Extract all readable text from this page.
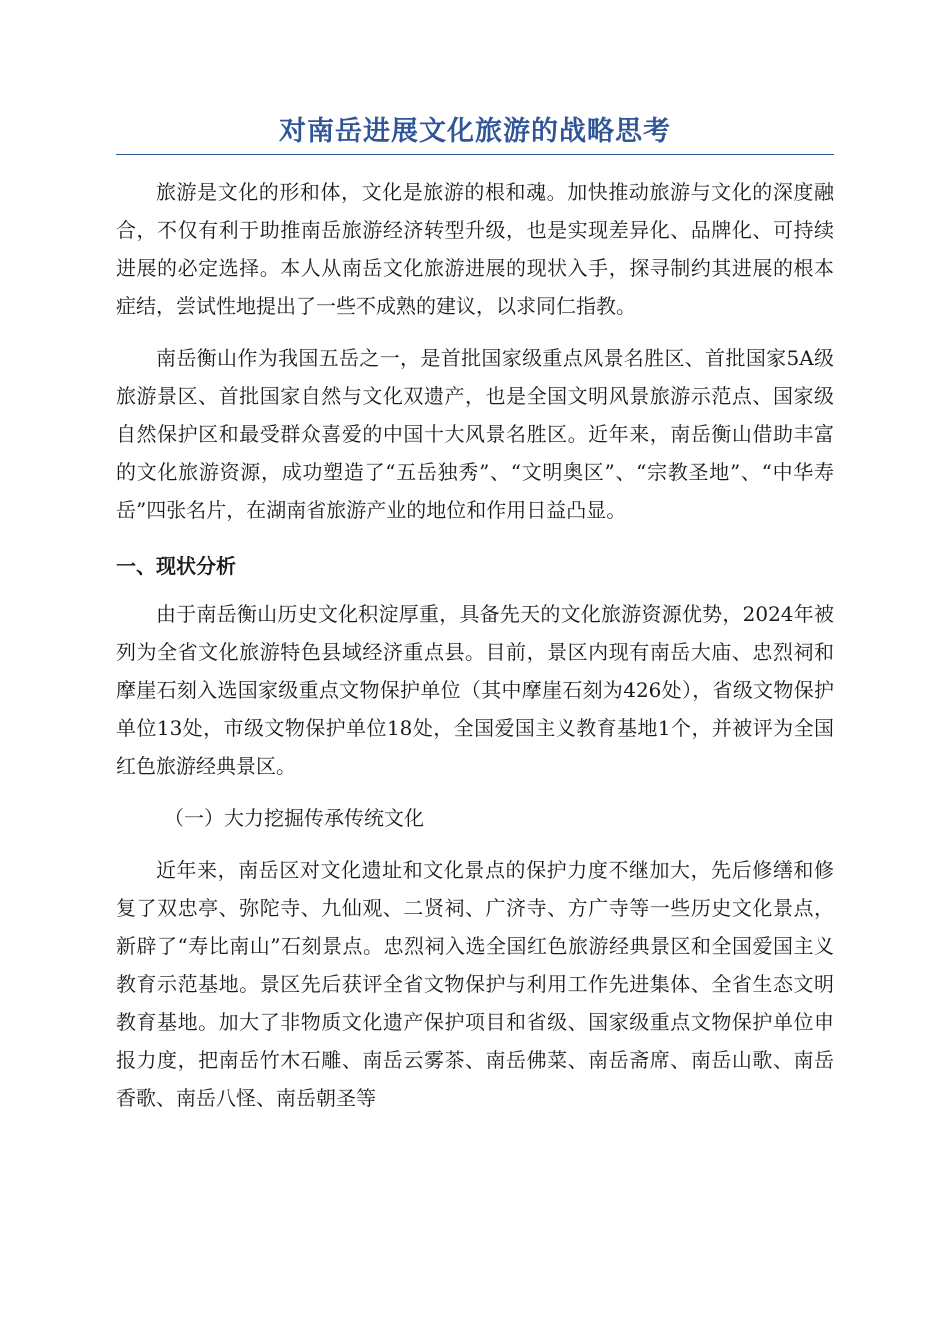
对南岳进展文化旅游的战略思考

旅游是文化的形和体，文化是旅游的根和魂。加快推动旅游与文化的深度融合，不仅有利于助推南岳旅游经济转型升级，也是实现差异化、品牌化、可持续进展的必定选择。本人从南岳文化旅游进展的现状入手，探寻制约其进展的根本症结，尝试性地提出了一些不成熟的建议，以求同仁指教。

南岳衡山作为我国五岳之一，是首批国家级重点风景名胜区、首批国家5A级旅游景区、首批国家自然与文化双遗产，也是全国文明风景旅游示范点、国家级自然保护区和最受群众喜爱的中国十大风景名胜区。近年来，南岳衡山借助丰富的文化旅游资源，成功塑造了“五岳独秀”、“文明奥区”、“宗教圣地”、“中华寿岳”四张名片，在湖南省旅游产业的地位和作用日益凸显。

一、现状分析

由于南岳衡山历史文化积淀厚重，具备先天的文化旅游资源优势，2024年被列为全省文化旅游特色县域经济重点县。目前，景区内现有南岳大庙、忠烈祠和摩崖石刻入选国家级重点文物保护单位（其中摩崖石刻为426处），省级文物保护单位13处，市级文物保护单位18处，全国爱国主义教育基地1个，并被评为全国红色旅游经典景区。

（一）大力挖掘传承传统文化

近年来，南岳区对文化遗址和文化景点的保护力度不继加大，先后修缮和修复了双忠亭、弥陀寺、九仙观、二贤祠、广济寺、方广寺等一些历史文化景点，新辟了“寿比南山”石刻景点。忠烈祠入选全国红色旅游经典景区和全国爱国主义教育示范基地。景区先后获评全省文物保护与利用工作先进集体、全省生态文明教育基地。加大了非物质文化遗产保护项目和省级、国家级重点文物保护单位申报力度，把南岳竹木石雕、南岳云雾茶、南岳佛菜、南岳斋席、南岳山歌、南岳香歌、南岳八怪、南岳朝圣等
